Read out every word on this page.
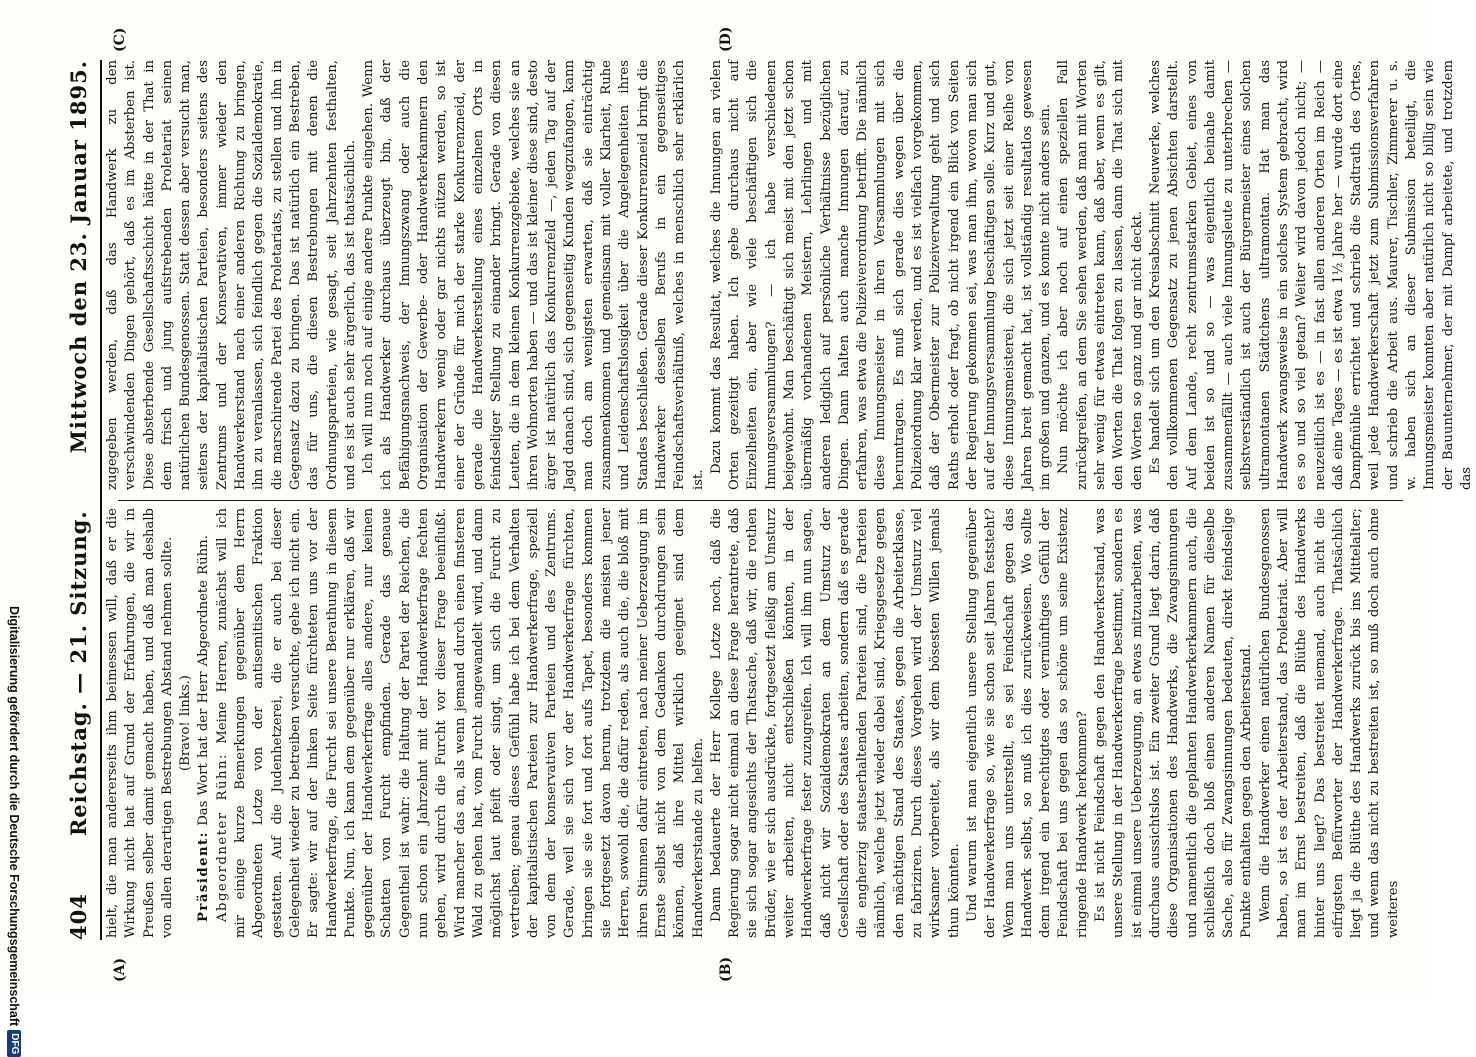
404
Reichstag. — 21. Sitzung.
Mittwoch den 23. Januar 1895.
(A)	(B)
(C)	(D)

hielt, die man andererseits ihm beimessen will, daß er die Wirkung nicht hat auf Grund der Erfahrungen, die wir in Preußen selber damit gemacht haben, und daß man deshalb von allen derartigen Bestrebungen Abstand nehmen sollte. (Bravo! links.)

Präsident: Das Wort hat der Herr Abgeordnete Rühn.

Abgeordneter Rühn: Meine Herren, zunächst will ich mir einige kurze Bemerkungen gegenüber dem Herrn Abgeordneten Lotze von der antisemitischen Fraktion gestatten. Auf die Judenhetzerei, die er auch bei dieser Gelegenheit wieder zu betreiben versuchte, gehe ich nicht ein. Er sagte: wir auf der linken Seite fürchteten uns vor der Handwerkerfrage, die Furcht sei unsere Berathung in diesem Punkte. Nun, ich kann dem gegenüber nur erklären, daß wir gegenüber der Handwerkerfrage alles andere, nur keinen Schatten von Furcht empfinden. Gerade das genaue Gegentheil ist wahr: die Haltung der Partei der Reichen, die nun schon ein Jahrzehnt mit der Handwerkerfrage fechten gehen, wird durch die Furcht vor dieser Frage beeinflußt. Wird mancher das an, als wenn jemand durch einen finsteren Wald zu gehen hat, vom Furcht angewandelt wird, und dann möglichst laut pfeift oder singt, um sich die Furcht zu vertreiben; genau dieses Gefühl habe ich bei dem Verhalten der kapitalistischen Parteien zur Handwerkerfrage, speziell von dem der konservativen Parteien und des Zentrums. Gerade, weil sie sich vor der Handwerkerfrage fürchten, bringen sie sie fort und fort aufs Tapet, besonders kommen sie fortgesetzt davon herum, trotzdem die meisten jener Herren, sowohl die, die dafür reden, als auch die, die bloß mit ihren Stimmen dafür eintreten, nach meiner Ueberzeugung im Ernste selbst nicht von dem Gedanken durchdrungen sein können, daß ihre Mittel wirklich geeignet sind dem Handwerkerstande zu helfen. Dann bedauerte der Herr Kollege Lotze noch, daß die Regierung sogar nicht einmal an diese Frage herantrete, daß sie sich sogar angesichts der Thatsache, daß wir, die rothen Brüder, wie er sich ausdrückte, fortgesetzt fleißig am Umsturz weiter arbeiten, nicht entschließen könnten, in der Handwerkerfrage fester zuzugreifen. Ich will ihm nun sagen, daß nicht wir Sozialdemokraten an dem Umsturz der Gesellschaft oder des Staates arbeiten, sondern daß es gerade die engherzig staatserhaltenden Parteien sind, die Parteien nämlich, welche jetzt wieder dabei sind, Kriegsgesetze gegen den mächtigen Stand des Staates, gegen die Arbeiterklasse, zu fabriziren. Durch dieses Vorgehen wird der Umsturz viel wirksamer vorbereitet, als wir dem bösesten Willen jemals thun könnten. Und warum ist man eigentlich unsere Stellung gegenüber der Handwerkerfrage so, wie sie schon seit Jahren feststeht? Wenn man uns unterstellt, es sei Feindschaft gegen das Handwerk selbst, so muß ich dies zurückweisen. Wo sollte denn irgend ein berechtigtes oder vernünftiges Gefühl der Feindschaft bei uns gegen das so schöne um seine Existenz ringende Handwerk herkommen? Es ist nicht Feindschaft gegen den Handwerkerstand, was unsere Stellung in der Handwerkerfrage bestimmt, sondern es ist einmal unsere Ueberzeugung, an etwas mitzuarbeiten, was durchaus aussichtslos ist. Ein zweiter Grund liegt darin, daß diese Organisationen des Handwerks, die Zwangsinnungen und namentlich die geplanten Handwerkerkammern auch, die schließlich doch bloß einen anderen Namen für dieselbe Sache, also für Zwangsinnungen bedeuten, direkt feindselige Punkte enthalten gegen den Arbeiterstand. Wenn die Handwerker einen natürlichen Bundesgenossen haben, so ist es der Arbeiterstand, das Proletariat. Aber will man im Ernst bestreiten, daß die Blüthe des Handwerks hinter uns liegt? Das bestreitet niemand, auch nicht die eifrigsten Befürworter der Handwerkerfrage. Thatsächlich liegt ja die Blüthe des Handwerks zurück bis ins Mittelalter; und wenn das nicht zu bestreiten ist, so muß doch auch ohne weiteres

zugegeben werden, daß das Handwerk zu den verschwindenden Dingen gehört, daß es im Absterben ist. Diese absterbende Gesellschaftsschicht hätte in der That in dem frisch und jung aufstrebenden Proletariat seinen natürlichen Bundesgenossen. Statt dessen aber versucht man, seitens der kapitalistischen Parteien, besonders seitens des Zentrums und der Konservativen, immer wieder den Handwerkerstand nach einer anderen Richtung zu bringen, ihn zu veranlassen, sich feindlich gegen die Sozialdemokratie, die marschirende Partei des Proletariats, zu stellen und ihn in Gegensatz dazu zu bringen. Das ist natürlich ein Bestreben, das für uns, die diesen Bestrebungen mit denen die Ordnungsparteien, wie gesagt, seit Jahrzehnten festhalten, und es ist auch sehr ärgerlich, das ist thatsächlich. Ich will nun noch auf einige andere Punkte eingehen. Wenn ich als Handwerker durchaus überzeugt bin, daß der Befähigungsnachweis, der Innungszwang oder auch die Organisation der Gewerbe- oder Handwerkerkammern den Handwerkern wenig oder gar nichts nützen werden, so ist einer der Gründe für mich der starke Konkurrenzneid, der gerade die Handwerkerstellung eines einzelnen Orts in feindseliger Stellung zu einander bringt. Gerade von diesen Leuten, die in dem kleinen Konkurrenzgebiete, welches sie an ihren Wohnorten haben — und das ist kleiner diese sind, desto ärger ist natürlich das Konkurrenzfeld —, jeden Tag auf der Jagd danach sind, sich gegenseitig Kunden wegzufangen, kann man doch am wenigsten erwarten, daß sie einträchtig zusammenkommen und gemeinsam mit voller Klarheit, Ruhe und Leidenschaftslosigkeit über die Angelegenheiten ihres Standes beschließen. Gerade dieser Konkurrenzneid bringt die Handwerker desselben Berufs in ein gegenseitiges Feindschaftsverhältniß, welches in menschlich sehr erklärlich ist.

Dazu kommt das Resultat, welches die Innungen an vielen Orten gezeitigt haben. Ich gebe durchaus nicht auf Einzelheiten ein, aber wie viele beschäftigen sich die Innungsversammlungen? — ich habe verschiedenen beigewohnt. Man beschäftigt sich meist mit den jetzt schon übermäßig vorhandenen Meistern, Lehrlingen und mit anderen lediglich auf persönliche Verhältnisse bezüglichen Dingen. Dann halten auch manche Innungen darauf, zu erfahren, was etwa die Polizeiverordnung betrifft. Die nämlich diese Innungsmeister in ihren Versammlungen mit sich herumtragen. Es muß sich gerade dies wegen über die Polizeiordnung klar werden, und es ist vielfach vorgekommen, daß der Obermeister zur Polizeiverwaltung geht und sich Raths erholt oder fragt, ob nicht irgend ein Blick von Seiten der Regierung gekommen sei, was man ihm, wovon man sich auf der Innungsversammlung beschäftigen solle. Kurz und gut, diese Innungsmeisterei, die sich jetzt seit einer Reihe von Jahren breit gemacht hat, ist vollständig resultatlos gewesen im großen und ganzen, und es konnte nicht anders sein. Nun möchte ich aber noch auf einen speziellen Fall zurückgreifen, an dem Sie sehen werden, daß man mit Worten sehr wenig für etwas eintreten kann, daß aber, wenn es gilt, den Worten die That folgen zu lassen, dann die That sich mit den Worten so ganz und gar nicht deckt. Es handelt sich um den Kreisabschnitt Neuwerke, welches den vollkommenen Gegensatz zu jenen Absichten darstellt. Auf dem Lande, recht zentrumsstarken Gebiet, eines von beiden ist so und so — was eigentlich beinahe damit zusammenfällt — auch viele Innungsleute zu unterbrechen — selbstverständlich ist auch der Bürgermeister eines solchen ultramontanen Städtchens ultramontan. Hat man das Handwerk zwangsweise in ein solches System gebracht, wird es so und so viel getan? Weiter wird davon jedoch nicht; — neuzeitlich ist es — in fast allen anderen Orten im Reich — daß eine Tages — es ist etwa 1½ Jahre her — wurde dort eine Dampfmühle errichtet und schrieb die Stadtrath des Ortes, weil jede Handwerkerschaft jetzt zum Submissionsverfahren und schrieb die Arbeit aus. Maurer, Tischler, Zimmerer u. s. w. haben sich an dieser Submission beteiligt, die Innungsmeister konnten aber natürlich nicht so billig sein wie der Bauunternehmer, der mit Dampf arbeitete, und trotzdem das

Digitalisierung gefördert durch die Deutsche Forschungsgemeinschaft
DFG
